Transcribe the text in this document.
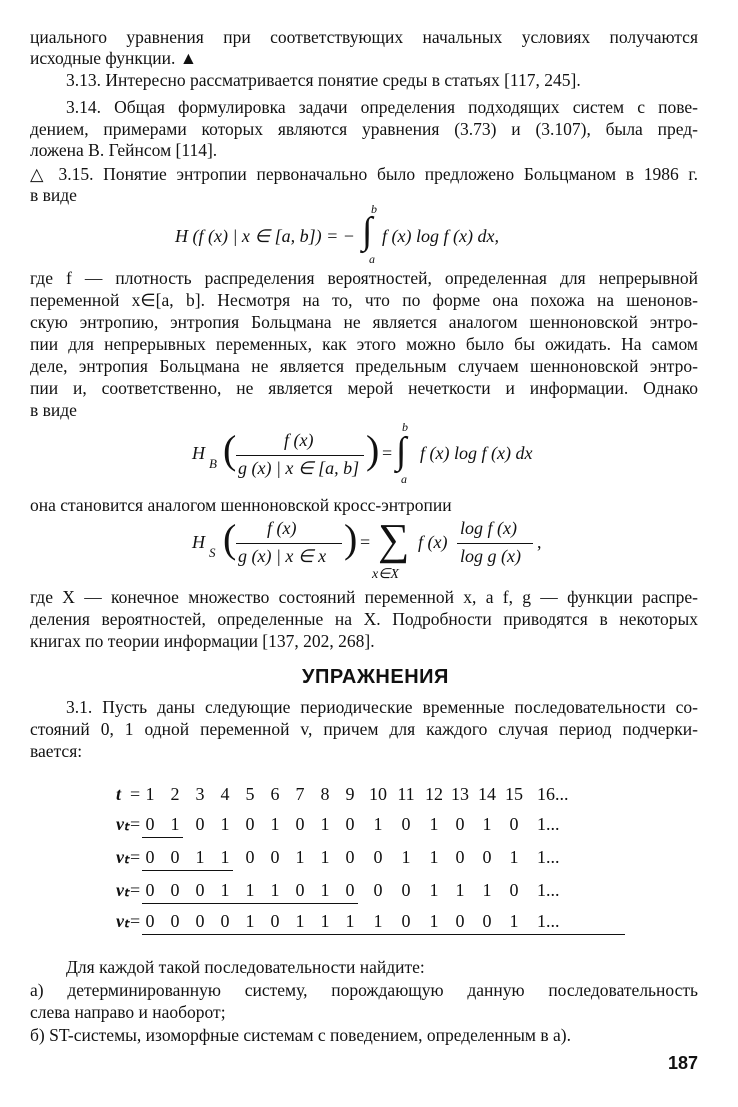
циального уравнения при соответствующих начальных условиях получаются
исходные функции. ▲
3.13. Интересно рассматривается понятие среды в статьях [117, 245].
3.14. Общая формулировка задачи определения подходящих систем с пове-
дением, примерами которых являются уравнения (3.73) и (3.107), была пред-
ложена В. Гейнсом [114].
△ 3.15. Понятие энтропии первоначально было предложено Больцманом в 1986 г.
в виде
b
H (f (x) | x ∈ [a, b]) = − ∫ f (x) log f (x) dx,
a
где f — плотность распределения вероятностей, определенная для непрерывной
переменной x∈[a, b]. Несмотря на то, что по форме она похожа на шенонов-
скую энтропию, энтропия Больцмана не является аналогом шенноновской энтро-
пии для непрерывных переменных, как этого можно было бы ожидать. На самом
деле, энтропия Больцмана не является предельным случаем шенноновской энтро-
пии и, соответственно, не является мерой нечеткости и информации. Однако
в виде
H
B (	f (x)
g (x) | x ∈ [a, b] ) =
b
∫ f (x) log f (x) dx
a
она становится аналогом шенноновской кросс-энтропии
H
S ( f (x)
g (x) | x ∈ x ) = ∑
x∈X
f (x)
log f (x)
log g (x)
,
где X — конечное множество состояний переменной x, а f, g — функции распре-
деления вероятностей, определенные на X. Подробности приводятся в некоторых
книгах по теории информации [137, 202, 268].
УПРАЖНЕНИЯ
3.1. Пусть даны следующие периодические временные последовательности со-
стояний 0, 1 одной переменной v, причем для каждого случая период подчерки-
вается:
t = 1 2 3 4 5 6 7 8 9 10 11 12 13 14 15 16...
vₜ = 0 1 0 1 0 1 0 1 0	1	0	1 0	1	0	1...
vₜ = 0 0 1 1 0 0 1 1 0	0	1	1 0	0	1	1...
vₜ = 0 0 0 1 1 1 0 1 0	0	0	1 1	1	0	1...
vₜ = 0 0 0 0 1 0 1 1 1	1	0	1 0	0	1	1...
Для каждой такой последовательности найдите:
а) детерминированную систему, порождающую данную последовательность
слева направо и наоборот;
б) ST-системы, изоморфные системам с поведением, определенным в а).
187
